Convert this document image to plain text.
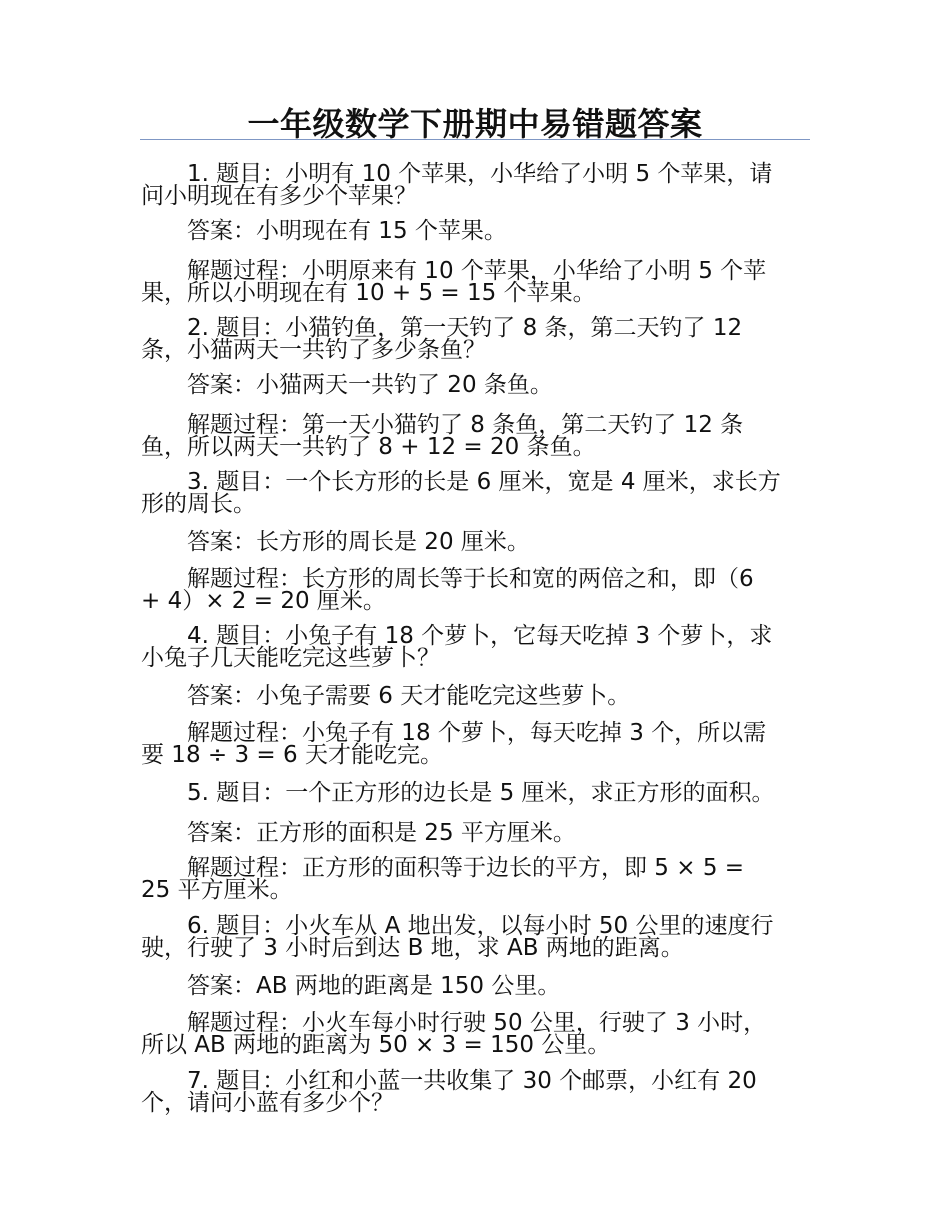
一年级数学下册期中易错题答案
1. 题目：小明有 10 个苹果，小华给了小明 5 个苹果，请
问小明现在有多少个苹果？
答案：小明现在有 15 个苹果。
解题过程：小明原来有 10 个苹果，小华给了小明 5 个苹
果，所以小明现在有 10 + 5 = 15 个苹果。
2. 题目：小猫钓鱼，第一天钓了 8 条，第二天钓了 12
条，小猫两天一共钓了多少条鱼？
答案：小猫两天一共钓了 20 条鱼。
解题过程：第一天小猫钓了 8 条鱼，第二天钓了 12 条
鱼，所以两天一共钓了 8 + 12 = 20 条鱼。
3. 题目：一个长方形的长是 6 厘米，宽是 4 厘米，求长方
形的周长。
答案：长方形的周长是 20 厘米。
解题过程：长方形的周长等于长和宽的两倍之和，即（6
+ 4）× 2 = 20 厘米。
4. 题目：小兔子有 18 个萝卜，它每天吃掉 3 个萝卜，求
小兔子几天能吃完这些萝卜？
答案：小兔子需要 6 天才能吃完这些萝卜。
解题过程：小兔子有 18 个萝卜，每天吃掉 3 个，所以需
要 18 ÷ 3 = 6 天才能吃完。
5. 题目：一个正方形的边长是 5 厘米，求正方形的面积。
答案：正方形的面积是 25 平方厘米。
解题过程：正方形的面积等于边长的平方，即 5 × 5 =
25 平方厘米。
6. 题目：小火车从 A 地出发，以每小时 50 公里的速度行
驶，行驶了 3 小时后到达 B 地，求 AB 两地的距离。
答案：AB 两地的距离是 150 公里。
解题过程：小火车每小时行驶 50 公里，行驶了 3 小时，
所以 AB 两地的距离为 50 × 3 = 150 公里。
7. 题目：小红和小蓝一共收集了 30 个邮票，小红有 20
个，请问小蓝有多少个？
